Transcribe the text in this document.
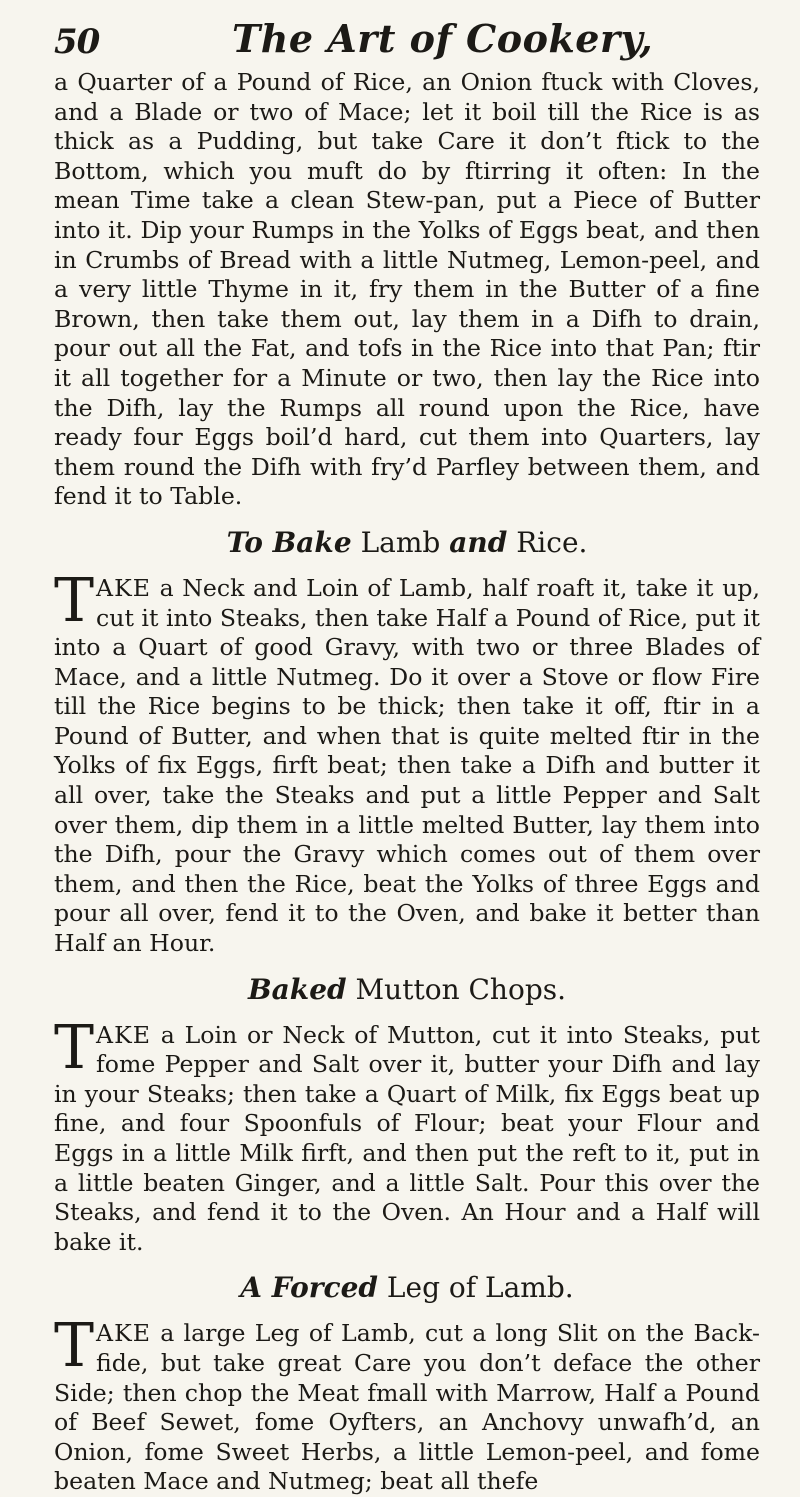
50	The Art of Cookery,

a Quarter of a Pound of Rice, an Onion ftuck with Cloves, and a Blade or two of Mace; let it boil till the Rice is as thick as a Pudding, but take Care it don’t ftick to the Bottom, which you muft do by ftirring it often: In the mean Time take a clean Stew-pan, put a Piece of Butter into it. Dip your Rumps in the Yolks of Eggs beat, and then in Crumbs of Bread with a little Nutmeg, Lemon-peel, and a very little Thyme in it, fry them in the Butter of a fine Brown, then take them out, lay them in a Difh to drain, pour out all the Fat, and tofs in the Rice into that Pan; ftir it all together for a Minute or two, then lay the Rice into the Difh, lay the Rumps all round upon the Rice, have ready four Eggs boil’d hard, cut them into Quarters, lay them round the Difh with fry’d Parfley between them, and fend it to Table.

To Bake Lamb and Rice.

TAKE a Neck and Loin of Lamb, half roaft it, take it up, cut it into Steaks, then take Half a Pound of Rice, put it into a Quart of good Gravy, with two or three Blades of Mace, and a little Nutmeg. Do it over a Stove or flow Fire till the Rice begins to be thick; then take it off, ftir in a Pound of Butter, and when that is quite melted ftir in the Yolks of fix Eggs, firft beat; then take a Difh and butter it all over, take the Steaks and put a little Pepper and Salt over them, dip them in a little melted Butter, lay them into the Difh, pour the Gravy which comes out of them over them, and then the Rice, beat the Yolks of three Eggs and pour all over, fend it to the Oven, and bake it better than Half an Hour.

Baked Mutton Chops.

TAKE a Loin or Neck of Mutton, cut it into Steaks, put fome Pepper and Salt over it, butter your Difh and lay in your Steaks; then take a Quart of Milk, fix Eggs beat up fine, and four Spoonfuls of Flour; beat your Flour and Eggs in a little Milk firft, and then put the reft to it, put in a little beaten Ginger, and a little Salt. Pour this over the Steaks, and fend it to the Oven. An Hour and a Half will bake it.

A Forced Leg of Lamb.

TAKE a large Leg of Lamb, cut a long Slit on the Back-fide, but take great Care you don’t deface the other Side; then chop the Meat fmall with Marrow, Half a Pound of Beef Sewet, fome Oyfters, an Anchovy unwafh’d, an Onion, fome Sweet Herbs, a little Lemon-peel, and fome beaten Mace and Nutmeg; beat all thefe
